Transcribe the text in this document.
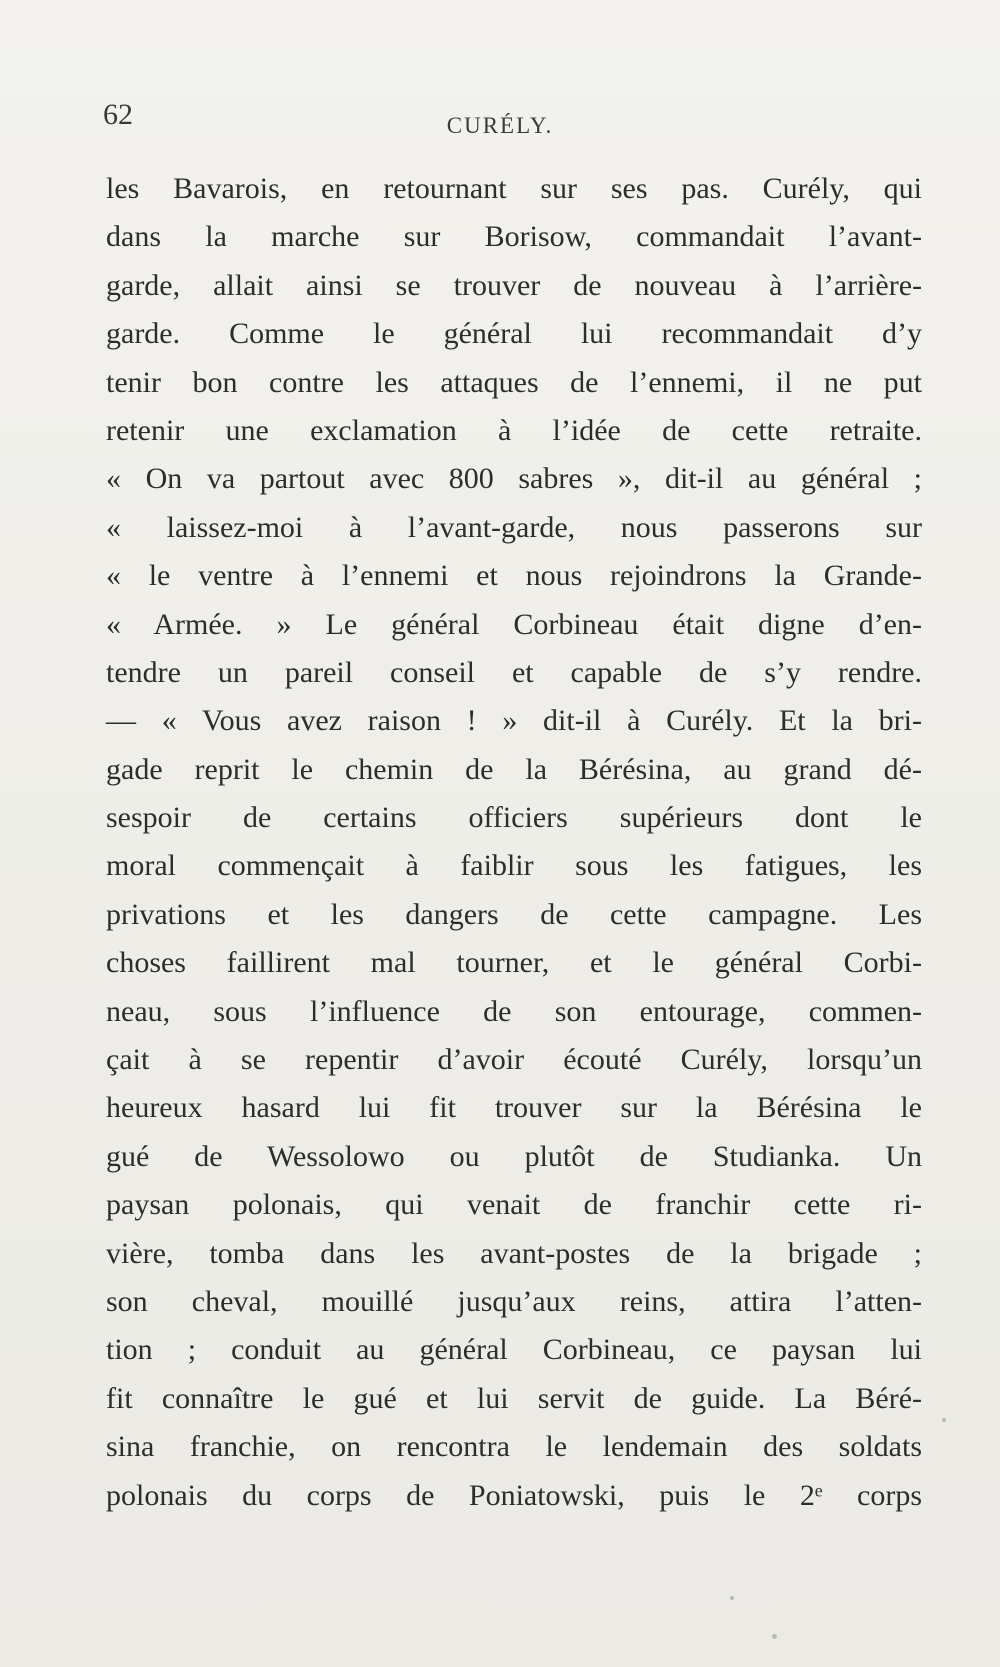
62	CURÉLY.
les Bavarois, en retournant sur ses pas. Curély, qui
dans la marche sur Borisow, commandait l’avant-
garde, allait ainsi se trouver de nouveau à l’arrière-
garde. Comme le général lui recommandait d’y
tenir bon contre les attaques de l’ennemi, il ne put
retenir une exclamation à l’idée de cette retraite.
« On va partout avec 800 sabres », dit-il au général ;
« laissez-moi à l’avant-garde, nous passerons sur
« le ventre à l’ennemi et nous rejoindrons la Grande-
« Armée. » Le général Corbineau était digne d’en-
tendre un pareil conseil et capable de s’y rendre.
— « Vous avez raison ! » dit-il à Curély. Et la bri-
gade reprit le chemin de la Bérésina, au grand dé-
sespoir de certains officiers supérieurs dont le
moral commençait à faiblir sous les fatigues, les
privations et les dangers de cette campagne. Les
choses faillirent mal tourner, et le général Corbi-
neau, sous l’influence de son entourage, commen-
çait à se repentir d’avoir écouté Curély, lorsqu’un
heureux hasard lui fit trouver sur la Bérésina le
gué de Wessolowo ou plutôt de Studianka. Un
paysan polonais, qui venait de franchir cette ri-
vière, tomba dans les avant-postes de la brigade ;
son cheval, mouillé jusqu’aux reins, attira l’atten-
tion ; conduit au général Corbineau, ce paysan lui
fit connaître le gué et lui servit de guide. La Béré-
sina franchie, on rencontra le lendemain des soldats
polonais du corps de Poniatowski, puis le 2ᵉ corps
